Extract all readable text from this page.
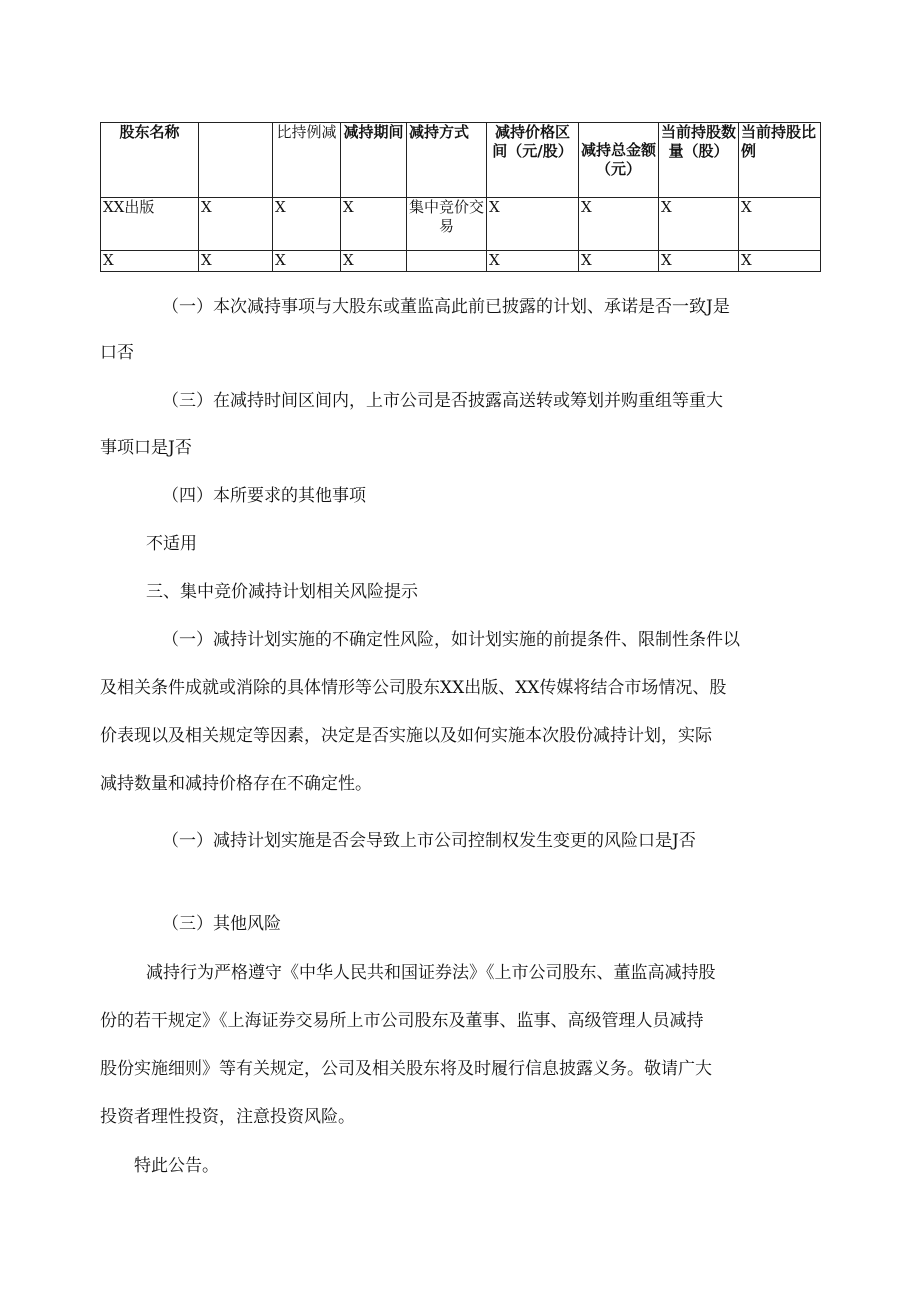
股东名称		比持例减	减持期间	减持方式	减持价格区间（元/股）	减持总金额（元）	当前持股数量（股）	当前持股比例
XX出版	X	X	X	集中竞价交易	X	X	X	X
X	X	X	X		X	X	X	X

（一）本次减持事项与大股东或董监高此前已披露的计划、承诺是否一致J是

口否

（三）在减持时间区间内，上市公司是否披露高送转或筹划并购重组等重大

事项口是J否

（四）本所要求的其他事项

不适用

三、集中竞价减持计划相关风险提示

（一）减持计划实施的不确定性风险，如计划实施的前提条件、限制性条件以

及相关条件成就或消除的具体情形等公司股东XX出版、XX传媒将结合市场情况、股

价表现以及相关规定等因素，决定是否实施以及如何实施本次股份减持计划，实际

减持数量和减持价格存在不确定性。

（一）减持计划实施是否会导致上市公司控制权发生变更的风险口是J否

（三）其他风险

减持行为严格遵守《中华人民共和国证券法》《上市公司股东、董监高减持股

份的若干规定》《上海证券交易所上市公司股东及董事、监事、高级管理人员减持

股份实施细则》等有关规定，公司及相关股东将及时履行信息披露义务。敬请广大

投资者理性投资，注意投资风险。

特此公告。
